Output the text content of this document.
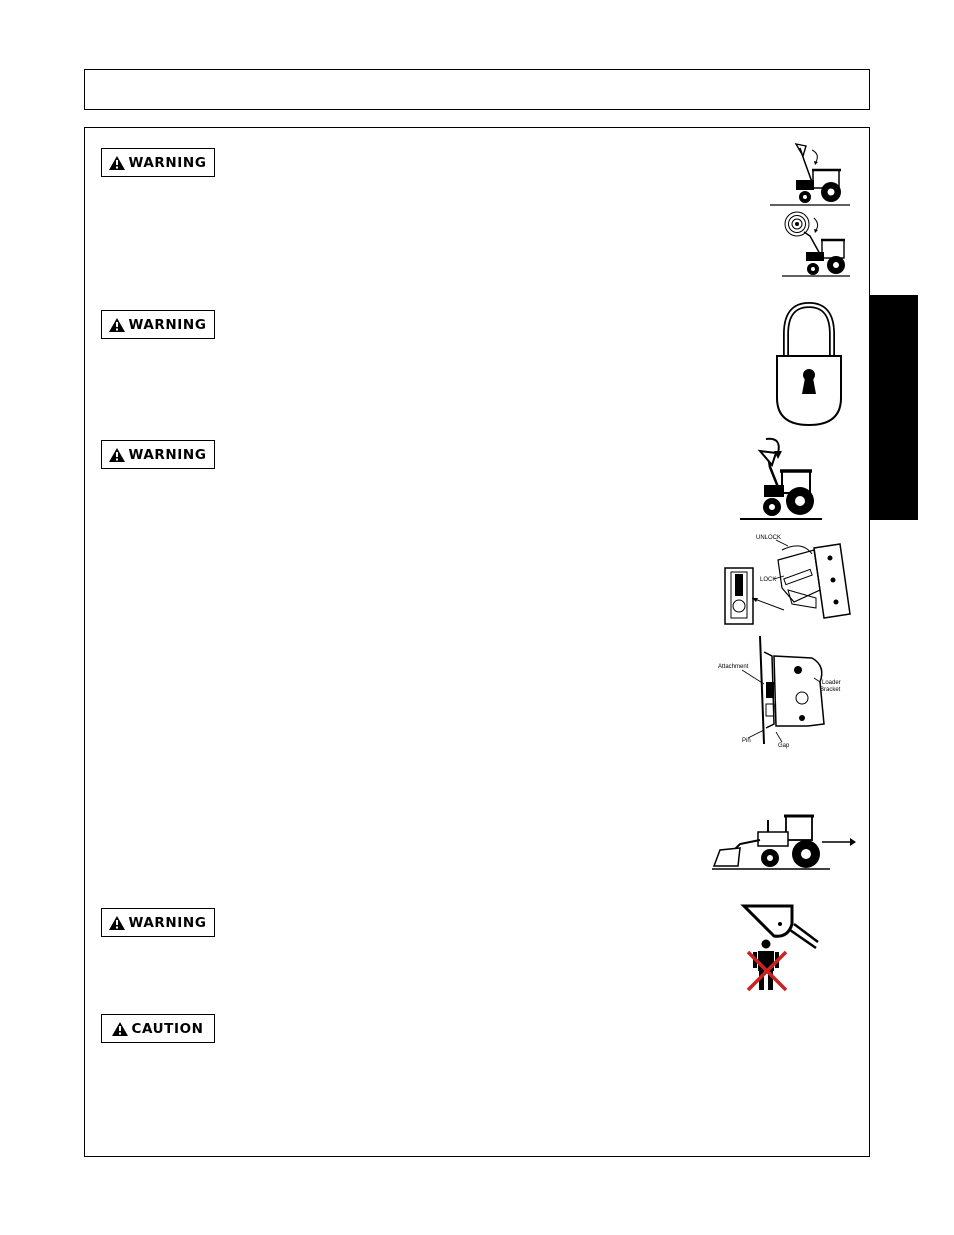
WARNING
WARNING
WARNING
WARNING
CAUTION
UNLOCK
LOCK
Attachment
Loader
Bracket
Pin
Gap
